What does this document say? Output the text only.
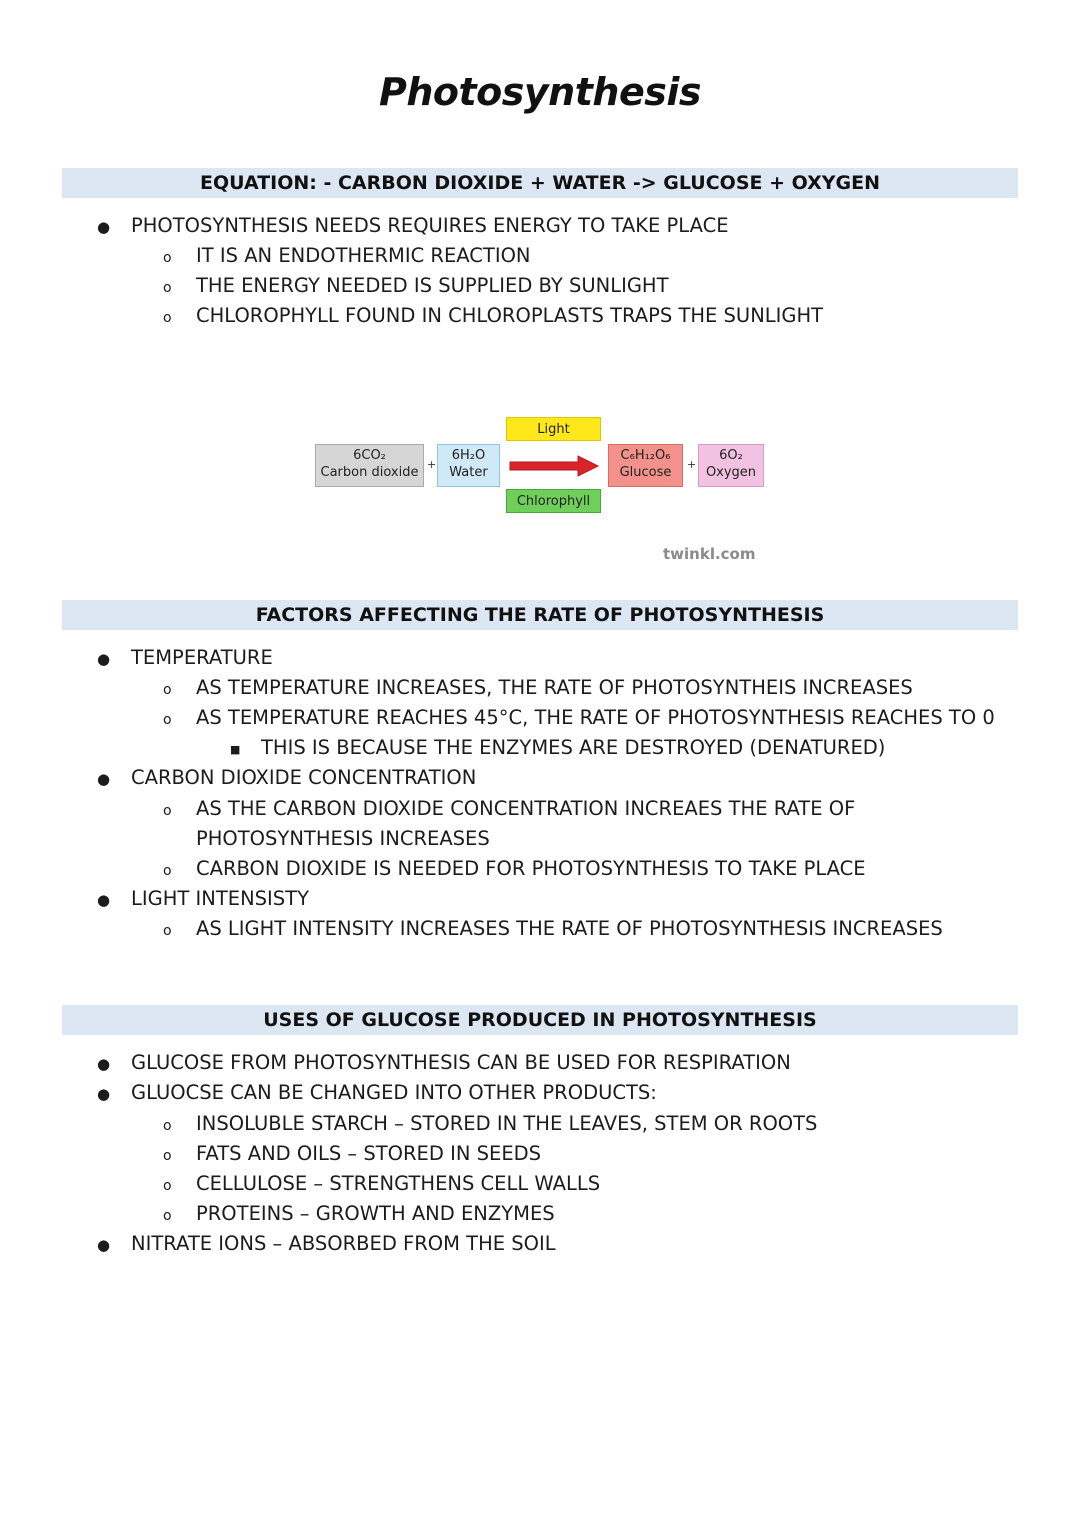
Photosynthesis
EQUATION: - CARBON DIOXIDE + WATER -> GLUCOSE + OXYGEN
● PHOTOSYNTHESIS NEEDS REQUIRES ENERGY TO TAKE PLACE
o IT IS AN ENDOTHERMIC REACTION
o THE ENERGY NEEDED IS SUPPLIED BY SUNLIGHT
o CHLOROPHYLL FOUND IN CHLOROPLASTS TRAPS THE SUNLIGHT
6CO₂
Carbon dioxide
+
6H₂O
Water
Light
Chlorophyll
C₆H₁₂O₆
Glucose
+
6O₂
Oxygen
twinkl.com
FACTORS AFFECTING THE RATE OF PHOTOSYNTHESIS
● TEMPERATURE
o AS TEMPERATURE INCREASES, THE RATE OF PHOTOSYNTHEIS INCREASES
o AS TEMPERATURE REACHES 45°C, THE RATE OF PHOTOSYNTHESIS REACHES TO 0
■ THIS IS BECAUSE THE ENZYMES ARE DESTROYED (DENATURED)
● CARBON DIOXIDE CONCENTRATION
o AS THE CARBON DIOXIDE CONCENTRATION INCREAES THE RATE OF
PHOTOSYNTHESIS INCREASES
o CARBON DIOXIDE IS NEEDED FOR PHOTOSYNTHESIS TO TAKE PLACE
● LIGHT INTENSISTY
o AS LIGHT INTENSITY INCREASES THE RATE OF PHOTOSYNTHESIS INCREASES
USES OF GLUCOSE PRODUCED IN PHOTOSYNTHESIS
● GLUCOSE FROM PHOTOSYNTHESIS CAN BE USED FOR RESPIRATION
● GLUOCSE CAN BE CHANGED INTO OTHER PRODUCTS:
o INSOLUBLE STARCH – STORED IN THE LEAVES, STEM OR ROOTS
o FATS AND OILS – STORED IN SEEDS
o CELLULOSE – STRENGTHENS CELL WALLS
o PROTEINS – GROWTH AND ENZYMES
● NITRATE IONS – ABSORBED FROM THE SOIL
